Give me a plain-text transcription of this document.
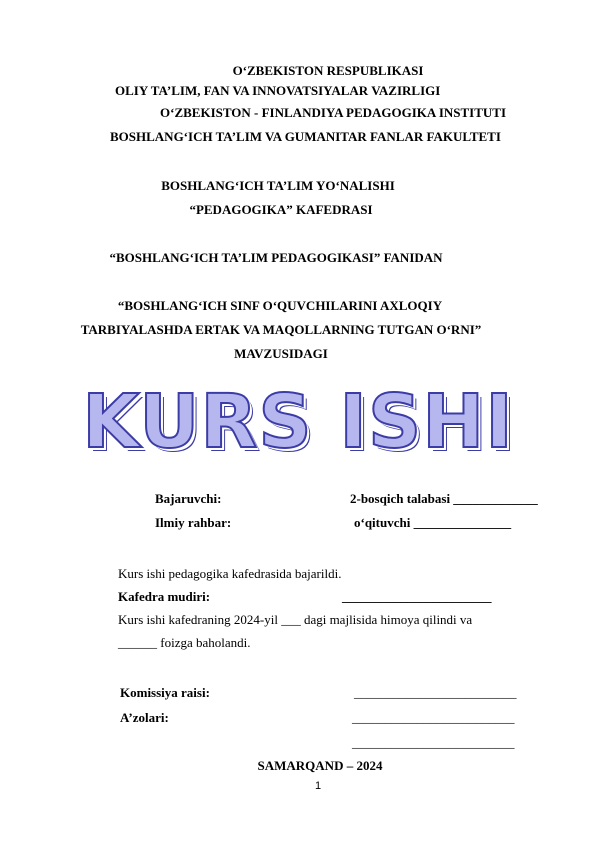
O‘ZBEKISTON RESPUBLIKASI
OLIY TA’LIM, FAN VA INNOVATSIYALAR VAZIRLIGI
O‘ZBEKISTON - FINLANDIYA PEDAGOGIKA INSTITUTI
BOSHLANG‘ICH TA’LIM VA GUMANITAR FANLAR FAKULTETI
BOSHLANG‘ICH TA’LIM YO‘NALISHI
“PEDAGOGIKA” KAFEDRASI
“BOSHLANG‘ICH TA’LIM PEDAGOGIKASI” FANIDAN
“BOSHLANG‘ICH SINF O‘QUVCHILARINI AXLOQIY
TARBIYALASHDA ERTAK VA MAQOLLARNING TUTGAN O‘RNI”
MAVZUSIDAGI
KURS ISHI
Bajaruvchi:	2-bosqich talabasi _____________
Ilmiy rahbar:	o‘qituvchi _______________
Kurs ishi pedagogika kafedrasida bajarildi.
Kafedra mudiri:	_______________________
Kurs ishi kafedraning 2024-yil ___ dagi majlisida himoya qilindi va
______ foizga baholandi.
Komissiya raisi:	_________________________
A’zolari:	_________________________
_________________________
SAMARQAND – 2024
1
